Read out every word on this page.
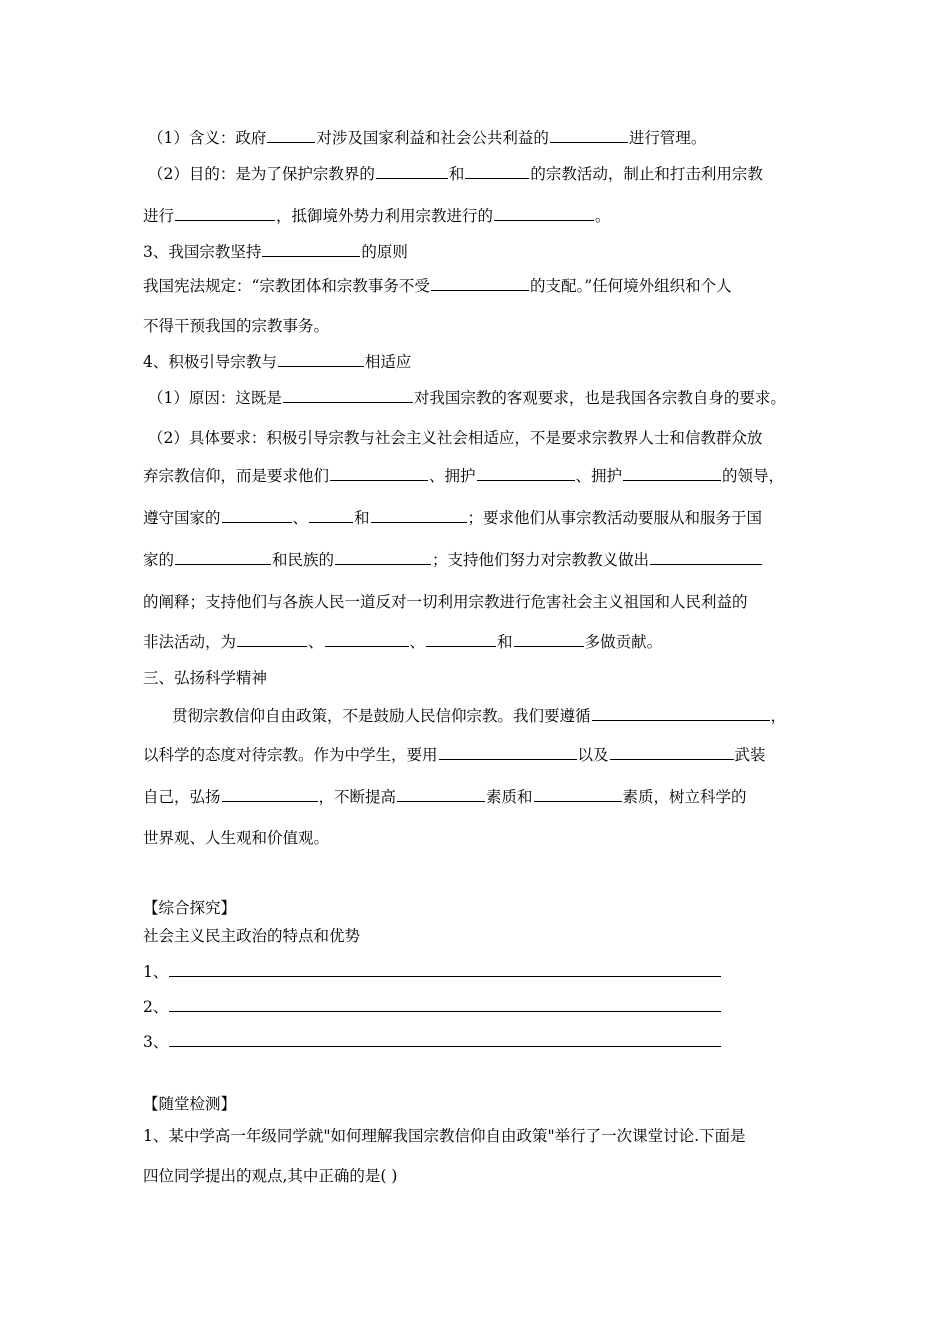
（1）含义：政府	对涉及国家利益和社会公共利益的	进行管理。
（2）目的：是为了保护宗教界的	和	的宗教活动，制止和打击利用宗教
进行	，抵御境外势力利用宗教进行的	。
3、我国宗教坚持	的原则
我国宪法规定：“宗教团体和宗教事务不受	的支配。”任何境外组织和个人
不得干预我国的宗教事务。
4、积极引导宗教与	相适应
（1）原因：这既是	对我国宗教的客观要求，也是我国各宗教自身的要求。
（2）具体要求：积极引导宗教与社会主义社会相适应，不是要求宗教界人士和信教群众放
弃宗教信仰，而是要求他们	、拥护	、拥护	的领导，
遵守国家的	、	和	；要求他们从事宗教活动要服从和服务于国
家的	和民族的	；支持他们努力对宗教教义做出
的阐释；支持他们与各族人民一道反对一切利用宗教进行危害社会主义祖国和人民利益的
非法活动，为	、	、	和	多做贡献。
三、弘扬科学精神
贯彻宗教信仰自由政策，不是鼓励人民信仰宗教。我们要遵循	，
以科学的态度对待宗教。作为中学生，要用	以及	武装
自己，弘扬	，不断提高	素质和	素质，树立科学的
世界观、人生观和价值观。
【综合探究】
社会主义民主政治的特点和优势
1、
2、
3、
【随堂检测】
1、某中学高一年级同学就"如何理解我国宗教信仰自由政策"举行了一次课堂讨论.下面是
四位同学提出的观点,其中正确的是( )
